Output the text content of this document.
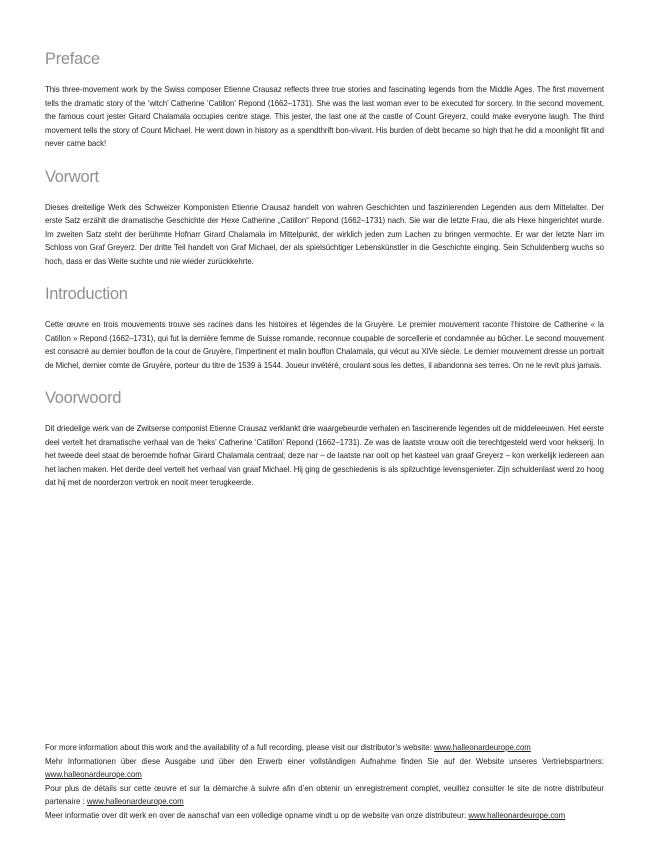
Preface

This three-movement work by the Swiss composer Etienne Crausaz reflects three true stories and fascinating legends from the Middle Ages. The first movement tells the dramatic story of the ‘witch’ Catherine ‘Catillon’ Repond (1662–1731). She was the last woman ever to be executed for sorcery. In the second movement, the famous court jester Girard Chalamala occupies centre stage. This jester, the last one at the castle of Count Greyerz, could make everyone laugh. The third movement tells the story of Count Michael. He went down in history as a spendthrift bon-vivant. His burden of debt became so high that he did a moonlight flit and never came back!

Vorwort

Dieses dreiteilige Werk des Schweizer Komponisten Etienne Crausaz handelt von wahren Geschichten und faszinierenden Legenden aus dem Mittelalter. Der erste Satz erzählt die dramatische Geschichte der Hexe Catherine „Catillon“ Repond (1662–1731) nach. Sie war die letzte Frau, die als Hexe hingerichtet wurde. Im zweiten Satz steht der berühmte Hofnarr Girard Chalamala im Mittelpunkt, der wirklich jeden zum Lachen zu bringen vermochte. Er war der letzte Narr im Schloss von Graf Greyerz. Der dritte Teil handelt von Graf Michael, der als spielsüchtiger Lebenskünstler in die Geschichte einging. Sein Schuldenberg wuchs so hoch, dass er das Weite suchte und nie wieder zurückkehrte.

Introduction

Cette œuvre en trois mouvements trouve ses racines dans les histoires et légendes de la Gruyère. Le premier mouvement raconte l’histoire de Catherine « la Catillon » Repond (1662–1731), qui fut la dernière femme de Suisse romande, reconnue coupable de sorcellerie et condamnée au bûcher. Le second mouvement est consacré au dernier bouffon de la cour de Gruyère, l’impertinent et malin bouffon Chalamala, qui vécut au XIVe siècle. Le dernier mouvement dresse un portrait de Michel, dernier comte de Gruyère, porteur du titre de 1539 à 1544. Joueur invétéré, croulant sous les dettes, il abandonna ses terres. On ne le revit plus jamais.

Voorwoord

Dit driedelige werk van de Zwitserse componist Etienne Crausaz verklankt drie waargebeurde verhalen en fascinerende legendes uit de middeleeuwen. Het eerste deel vertelt het dramatische verhaal van de ‘heks’ Catherine ‘Catillon’ Repond (1662–1731). Ze was de laatste vrouw ooit die terechtgesteld werd voor hekserij. In het tweede deel staat de beroemde hofnar Girard Chalamala centraal; deze nar – de laatste nar ooit op het kasteel van graaf Greyerz – kon werkelijk iedereen aan het lachen maken. Het derde deel vertelt het verhaal van graaf Michael. Hij ging de geschiedenis is als spilzuchtige levensgenieter. Zijn schuldenlast werd zo hoog dat hij met de noorderzon vertrok en nooit meer terugkeerde.

For more information about this work and the availability of a full recording, please visit our distributor’s website: www.halleonardeurope.com

Mehr Informationen über diese Ausgabe und über den Erwerb einer vollständigen Aufnahme finden Sie auf der Website unseres Vertriebspartners: www.halleonardeurope.com

Pour plus de détails sur cette œuvre et sur la démarche à suivre afin d’en obtenir un enregistrement complet, veuillez consulter le site de notre distributeur partenaire : www.halleonardeurope.com

Meer informatie over dit werk en over de aanschaf van een volledige opname vindt u op de website van onze distributeur: www.halleonardeurope.com
